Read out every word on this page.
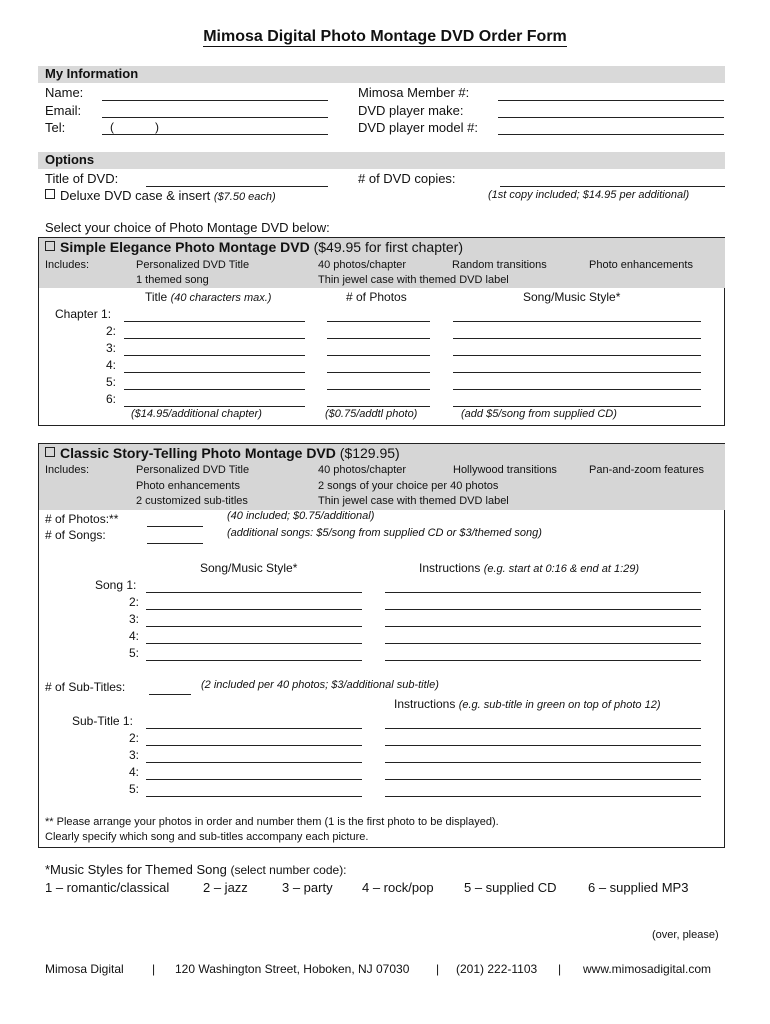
Mimosa Digital Photo Montage DVD Order Form
My Information
Name:
Email:
Tel:	(	)
Mimosa Member #:
DVD player make:
DVD player model #:
Options
Title of DVD:
Deluxe DVD case & insert ($7.50 each)
# of DVD copies:
(1st copy included; $14.95 per additional)
Select your choice of Photo Montage DVD below:
Simple Elegance Photo Montage DVD ($49.95 for first chapter)
Includes:	Personalized DVD Title	40 photos/chapter	Random transitions	Photo enhancements
1 themed song	Thin jewel case with themed DVD label
Title (40 characters max.)	# of Photos	Song/Music Style*
Chapter 1:
2:
3:
4:
5:
6:
($14.95/additional chapter)	($0.75/addtl photo)	(add $5/song from supplied CD)
Classic Story-Telling Photo Montage DVD ($129.95)
Includes:	Personalized DVD Title	40 photos/chapter	Hollywood transitions	Pan-and-zoom features
Photo enhancements	2 songs of your choice per 40 photos
2 customized sub-titles	Thin jewel case with themed DVD label
# of Photos:**	(40 included; $0.75/additional)
# of Songs:	(additional songs: $5/song from supplied CD or $3/themed song)
Song/Music Style*	Instructions (e.g. start at 0:16 & end at 1:29)
Song 1:
2:
3:
4:
5:
# of Sub-Titles:	(2 included per 40 photos; $3/additional sub-title)
Instructions (e.g. sub-title in green on top of photo 12)
Sub-Title 1:
2:
3:
4:
5:
** Please arrange your photos in order and number them (1 is the first photo to be displayed).
Clearly specify which song and sub-titles accompany each picture.
*Music Styles for Themed Song (select number code):
1 – romantic/classical	2 – jazz	3 – party 4 – rock/pop 5 – supplied CD 6 – supplied MP3
(over, please)
Mimosa Digital | 120 Washington Street, Hoboken, NJ 07030 | (201) 222-1103 | www.mimosadigital.com
